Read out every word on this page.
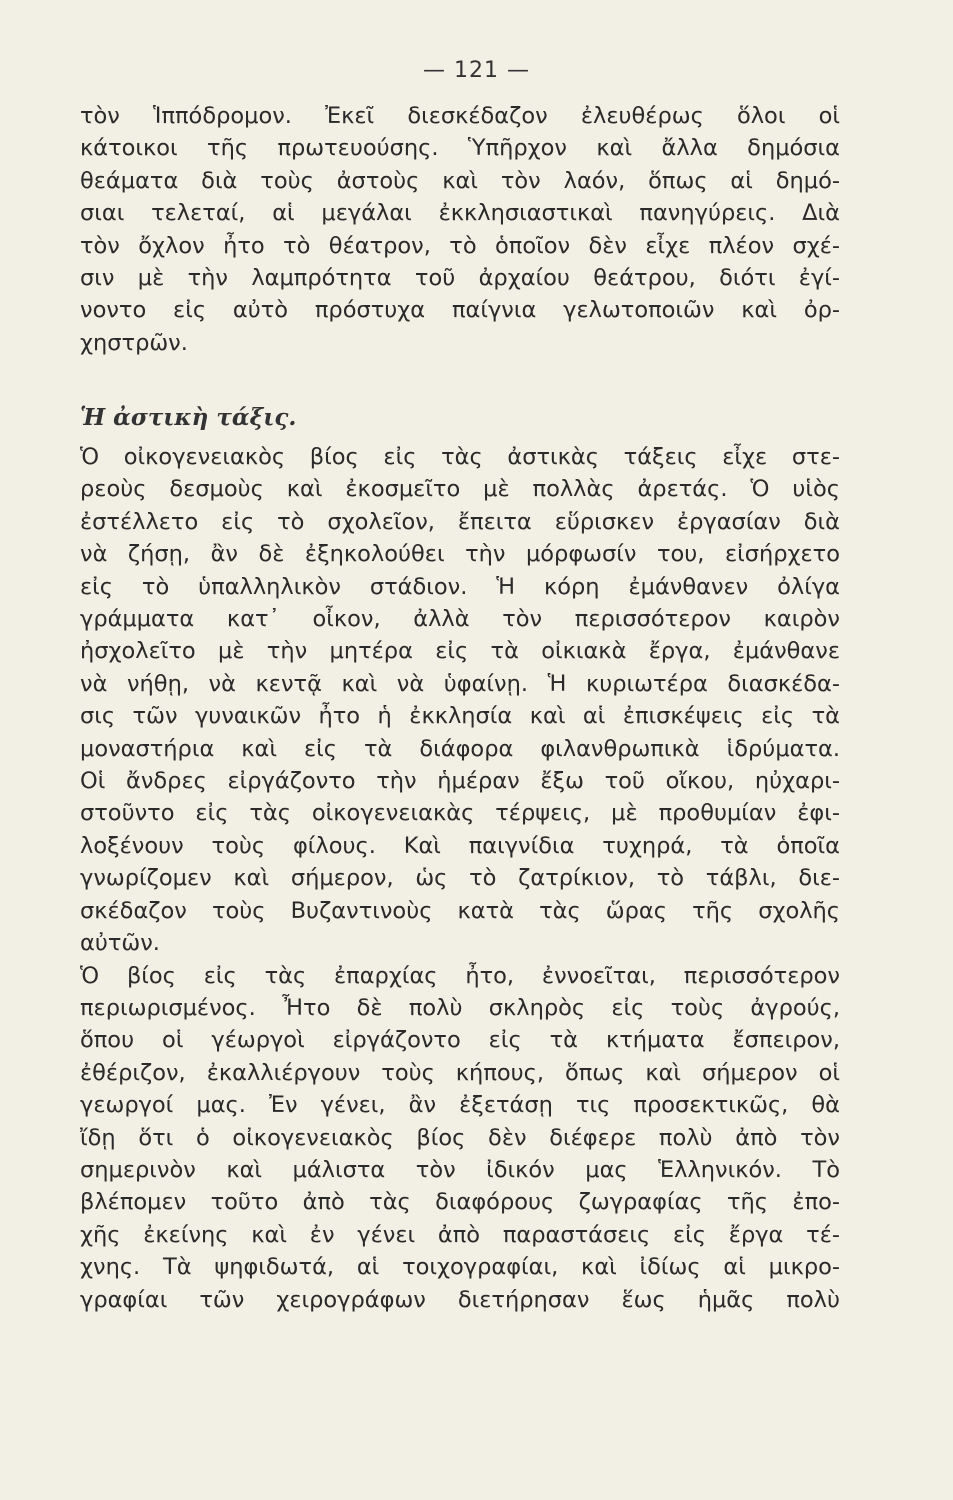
— 121 —
τὸν Ἱππόδρομον. Ἐκεῖ διεσκέδαζον ἐλευθέρως ὅλοι οἱ
κάτοικοι τῆς πρωτευούσης. Ὑπῆρχον καὶ ἄλλα δημόσια
θεάματα διὰ τοὺς ἀστοὺς καὶ τὸν λαόν, ὅπως αἱ δημό-
σιαι τελεταί, αἱ μεγάλαι ἐκκλησιαστικαὶ πανηγύρεις. Διὰ
τὸν ὄχλον ἦτο τὸ θέατρον, τὸ ὁποῖον δὲν εἶχε πλέον σχέ-
σιν μὲ τὴν λαμπρότητα τοῦ ἀρχαίου θεάτρου, διότι ἐγί-
νοντο εἰς αὐτὸ πρόστυχα παίγνια γελωτοποιῶν καὶ ὀρ-
χηστρῶν.
Ἡ ἀστικὴ τάξις.
Ὁ οἰκογενειακὸς βίος εἰς τὰς ἀστικὰς τάξεις εἶχε στε-
ρεοὺς δεσμοὺς καὶ ἐκοσμεῖτο μὲ πολλὰς ἀρετάς. Ὁ υἱὸς
ἐστέλλετο εἰς τὸ σχολεῖον, ἔπειτα εὕρισκεν ἐργασίαν διὰ
νὰ ζήσῃ, ἂν δὲ ἐξηκολούθει τὴν μόρφωσίν του, εἰσήρχετο
εἰς τὸ ὑπαλληλικὸν στάδιον. Ἡ κόρη ἐμάνθανεν ὀλίγα
γράμματα κατ᾽ οἶκον, ἀλλὰ τὸν περισσότερον καιρὸν
ἠσχολεῖτο μὲ τὴν μητέρα εἰς τὰ οἰκιακὰ ἔργα, ἐμάνθανε
νὰ νήθῃ, νὰ κεντᾷ καὶ νὰ ὑφαίνῃ. Ἡ κυριωτέρα διασκέδα-
σις τῶν γυναικῶν ἦτο ἡ ἐκκλησία καὶ αἱ ἐπισκέψεις εἰς τὰ
μοναστήρια καὶ εἰς τὰ διάφορα φιλανθρωπικὰ ἱδρύματα.
Οἱ ἄνδρες εἰργάζοντο τὴν ἡμέραν ἔξω τοῦ οἴκου, ηὐχαρι-
στοῦντο εἰς τὰς οἰκογενειακὰς τέρψεις, μὲ προθυμίαν ἐφι-
λοξένουν τοὺς φίλους. Καὶ παιγνίδια τυχηρά, τὰ ὁποῖα
γνωρίζομεν καὶ σήμερον, ὡς τὸ ζατρίκιον, τὸ τάβλι, διε-
σκέδαζον τοὺς Βυζαντινοὺς κατὰ τὰς ὥρας τῆς σχολῆς
αὐτῶν.
Ὁ βίος εἰς τὰς ἐπαρχίας ἦτο, ἐννοεῖται, περισσότερον
περιωρισμένος. Ἦτο δὲ πολὺ σκληρὸς εἰς τοὺς ἀγρούς,
ὅπου οἱ γέωργοὶ εἰργάζοντο εἰς τὰ κτήματα ἔσπειρον,
ἐθέριζον, ἐκαλλιέργουν τοὺς κήπους, ὅπως καὶ σήμερον οἱ
γεωργοί μας. Ἐν γένει, ἂν ἐξετάσῃ τις προσεκτικῶς, θὰ
ἴδῃ ὅτι ὁ οἰκογενειακὸς βίος δὲν διέφερε πολὺ ἀπὸ τὸν
σημερινὸν καὶ μάλιστα τὸν ἰδικόν μας Ἑλληνικόν. Τὸ
βλέπομεν τοῦτο ἀπὸ τὰς διαφόρους ζωγραφίας τῆς ἐπο-
χῆς ἐκείνης καὶ ἐν γένει ἀπὸ παραστάσεις εἰς ἔργα τέ-
χνης. Τὰ ψηφιδωτά, αἱ τοιχογραφίαι, καὶ ἰδίως αἱ μικρο-
γραφίαι τῶν χειρογράφων διετήρησαν ἕως ἡμᾶς πολὺ
